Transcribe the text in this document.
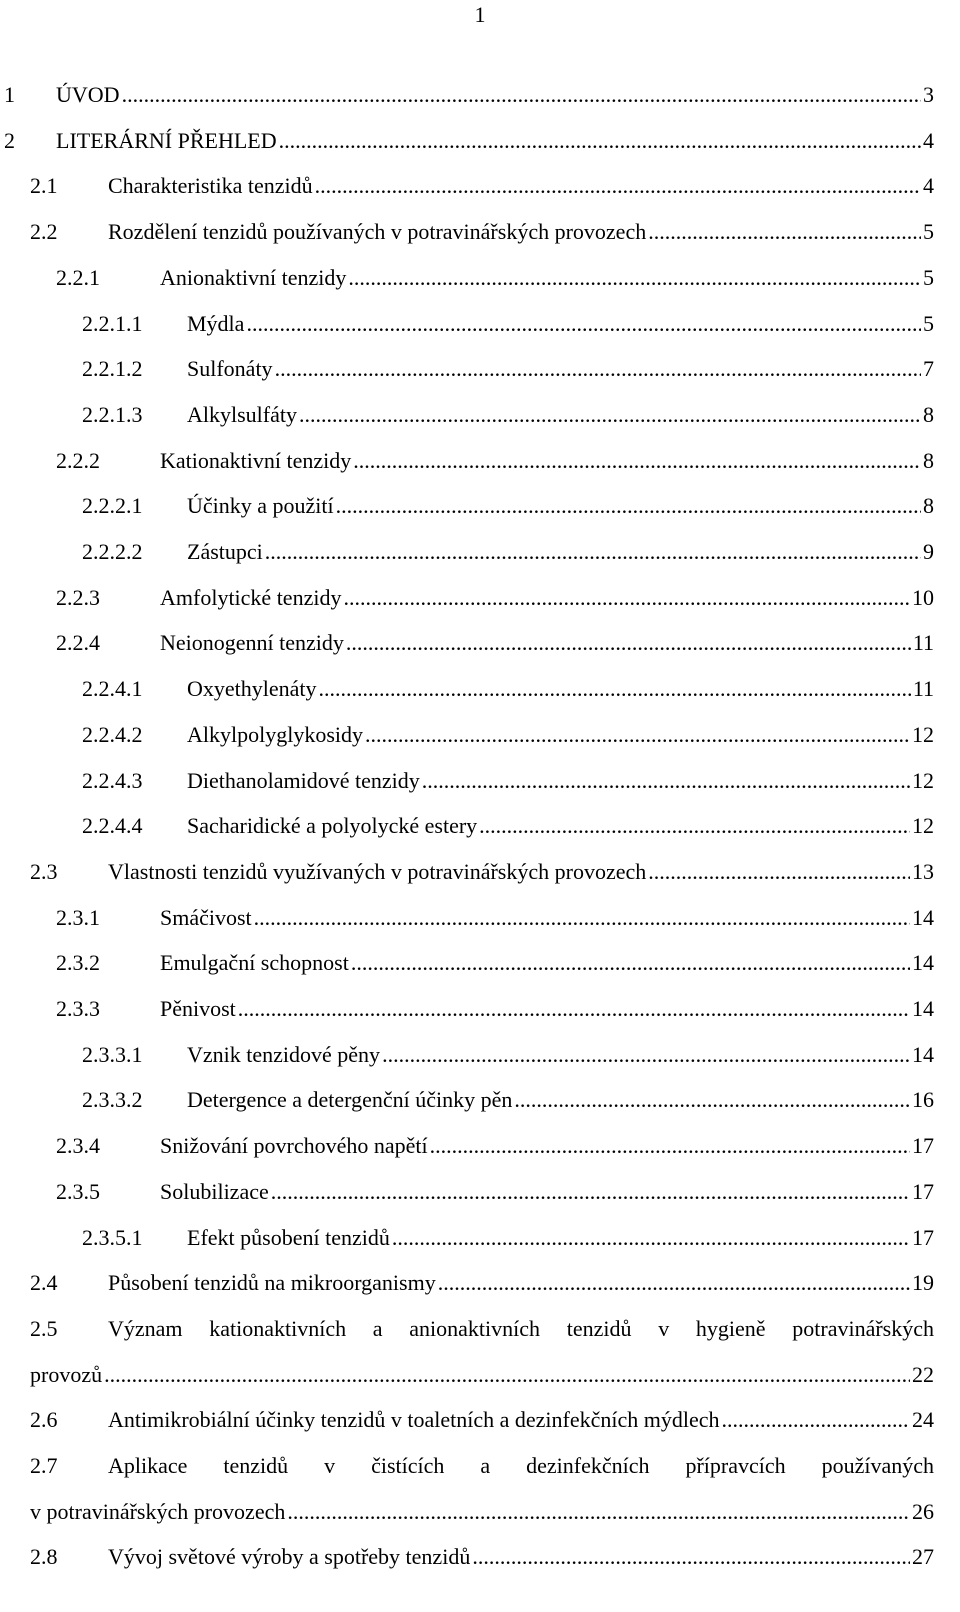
1
1 ÚVOD .....	3
2 LITERÁRNÍ PŘEHLED .....	4
2.1 Charakteristika tenzidů .....	4
2.2 Rozdělení tenzidů používaných v potravinářských provozech .....	5
2.2.1	Anionaktivní tenzidy .....	5
2.2.1.1 Mýdla .....	5
2.2.1.2 Sulfonáty .....	7
2.2.1.3 Alkylsulfáty .....	8
2.2.2	Kationaktivní tenzidy .....	8
2.2.2.1 Účinky a použití .....	8
2.2.2.2 Zástupci .....	9
2.2.3	Amfolytické tenzidy .....	10
2.2.4	Neionogenní tenzidy .....	11
2.2.4.1 Oxyethylenáty .....	11
2.2.4.2 Alkylpolyglykosidy .....	12
2.2.4.3 Diethanolamidové tenzidy .....	12
2.2.4.4 Sacharidické a polyolycké estery .....	12
2.3 Vlastnosti tenzidů využívaných v potravinářských provozech .....	13
2.3.1	Smáčivost .....	14
2.3.2	Emulgační schopnost .....	14
2.3.3	Pěnivost .....	14
2.3.3.1 Vznik tenzidové pěny .....	14
2.3.3.2 Detergence a detergenční účinky pěn .....	16
2.3.4	Snižování povrchového napětí .....	17
2.3.5	Solubilizace .....	17
2.3.5.1 Efekt působení tenzidů .....	17
2.4 Působení tenzidů na mikroorganismy .....	19
2.5 Význam kationaktivních a anionaktivních tenzidů v hygieně potravinářských
provozů .....	22
2.6 Antimikrobiální účinky tenzidů v toaletních a dezinfekčních mýdlech .....	24
2.7 Aplikace tenzidů v čistících a dezinfekčních přípravcích používaných
v potravinářských provozech .....	26
2.8 Vývoj světové výroby a spotřeby tenzidů .....	27
